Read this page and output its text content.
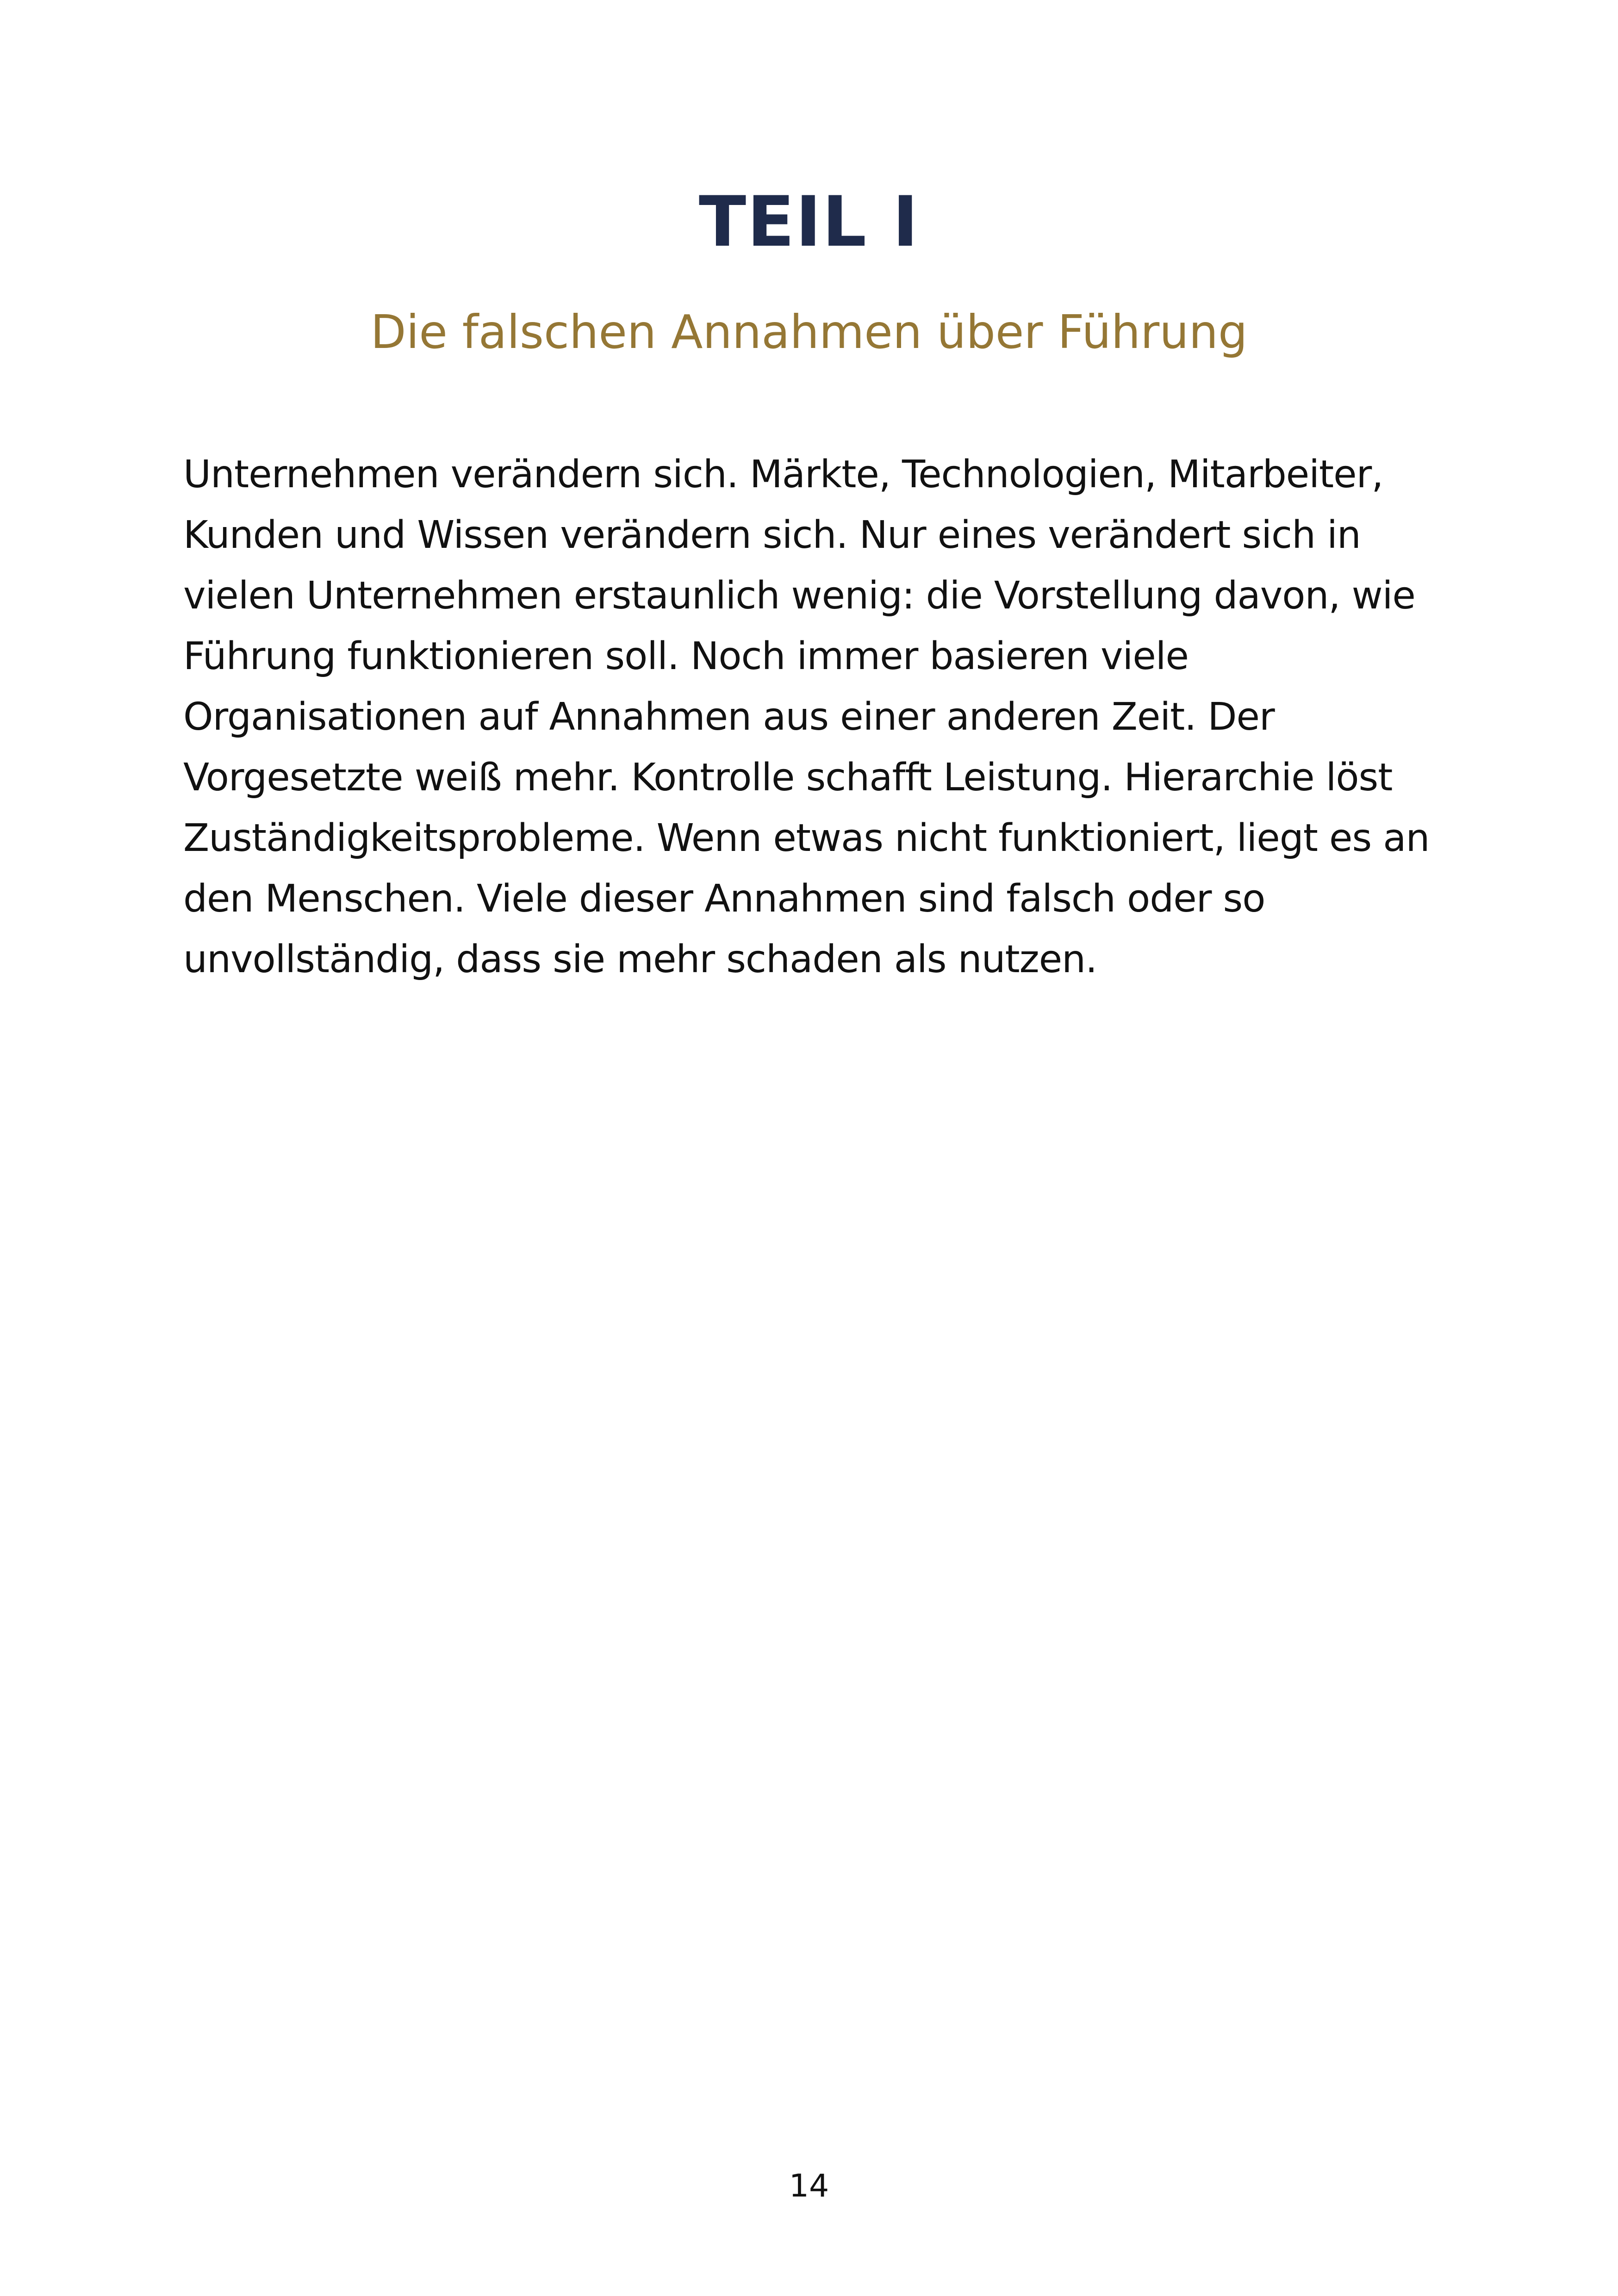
TEIL I
Die falschen Annahmen über Führung

Unternehmen verändern sich. Märkte, Technologien, Mitarbeiter,
Kunden und Wissen verändern sich. Nur eines verändert sich in
vielen Unternehmen erstaunlich wenig: die Vorstellung davon, wie
Führung funktionieren soll. Noch immer basieren viele
Organisationen auf Annahmen aus einer anderen Zeit. Der
Vorgesetzte weiß mehr. Kontrolle schafft Leistung. Hierarchie löst
Zuständigkeitsprobleme. Wenn etwas nicht funktioniert, liegt es an
den Menschen. Viele dieser Annahmen sind falsch oder so
unvollständig, dass sie mehr schaden als nutzen.

14
